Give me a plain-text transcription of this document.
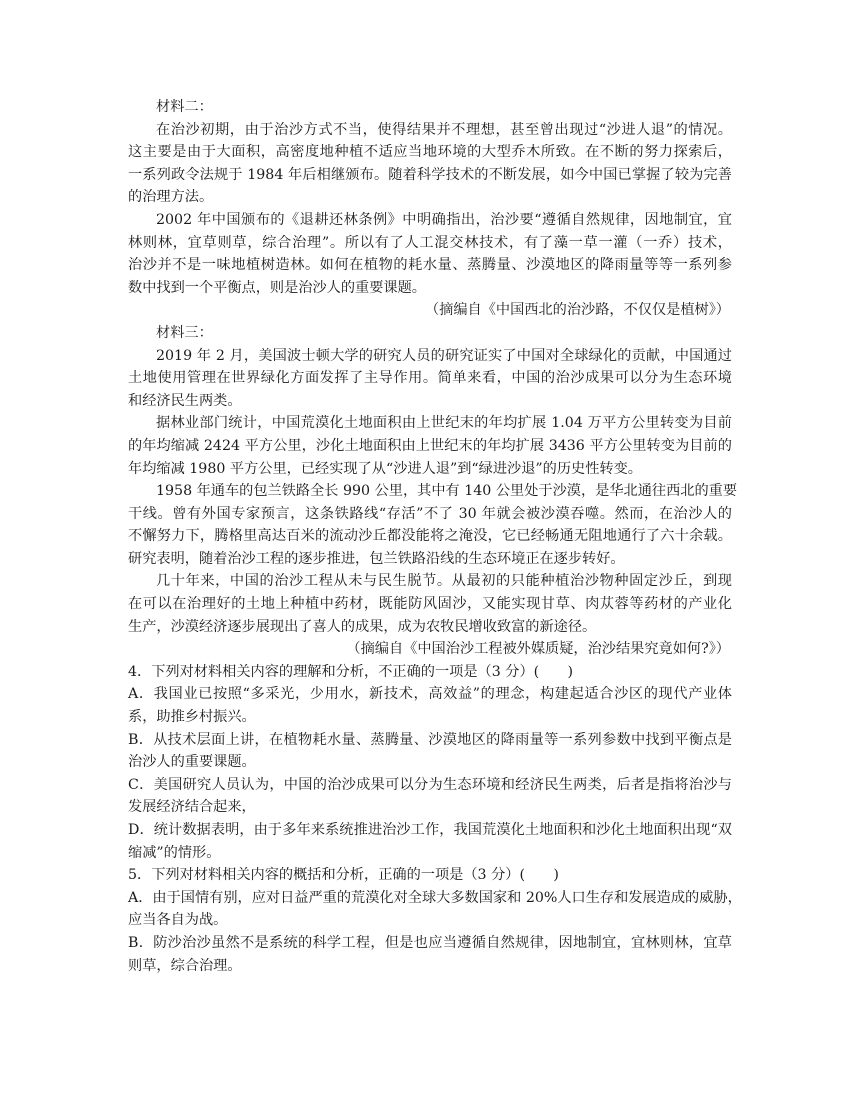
材料二：
在治沙初期，由于治沙方式不当，使得结果并不理想，甚至曾出现过“沙进人退”的情况。
这主要是由于大面积，高密度地种植不适应当地环境的大型乔木所致。在不断的努力探索后，
一系列政令法规于 1984 年后相继颁布。随着科学技术的不断发展，如今中国已掌握了较为完善
的治理方法。
2002 年中国颁布的《退耕还林条例》中明确指出，治沙要“遵循自然规律，因地制宜，宜
林则林，宜草则草，综合治理”。所以有了人工混交林技术，有了藻一草一灌（一乔）技术，
治沙并不是一味地植树造林。如何在植物的耗水量、蒸腾量、沙漠地区的降雨量等等一系列参
数中找到一个平衡点，则是治沙人的重要课题。
（摘编自《中国西北的治沙路，不仅仅是植树》）
材料三：
2019 年 2 月，美国波士顿大学的研究人员的研究证实了中国对全球绿化的贡献，中国通过
土地使用管理在世界绿化方面发挥了主导作用。简单来看，中国的治沙成果可以分为生态环境
和经济民生两类。
据林业部门统计，中国荒漠化土地面积由上世纪末的年均扩展 1.04 万平方公里转变为目前
的年均缩减 2424 平方公里，沙化土地面积由上世纪末的年均扩展 3436 平方公里转变为目前的
年均缩减 1980 平方公里，已经实现了从“沙进人退”到“绿进沙退”的历史性转变。
1958 年通车的包兰铁路全长 990 公里，其中有 140 公里处于沙漠，是华北通往西北的重要
干线。曾有外国专家预言，这条铁路线“存活”不了 30 年就会被沙漠吞噬。然而，在治沙人的
不懈努力下，腾格里高达百米的流动沙丘都没能将之淹没，它已经畅通无阻地通行了六十余载。
研究表明，随着治沙工程的逐步推进，包兰铁路沿线的生态环境正在逐步转好。
几十年来，中国的治沙工程从未与民生脱节。从最初的只能种植治沙物种固定沙丘，到现
在可以在治理好的土地上种植中药材，既能防风固沙，又能实现甘草、肉苁蓉等药材的产业化
生产，沙漠经济逐步展现出了喜人的成果，成为农牧民增收致富的新途径。
（摘编自《中国治沙工程被外媒质疑，治沙结果究竟如何?》）
4．下列对材料相关内容的理解和分析，不正确的一项是（3 分）(　　)
A．我国业已按照“多采光，少用水，新技术，高效益”的理念，构建起适合沙区的现代产业体
系，助推乡村振兴。
B．从技术层面上讲，在植物耗水量、蒸腾量、沙漠地区的降雨量等一系列参数中找到平衡点是
治沙人的重要课题。
C．美国研究人员认为，中国的治沙成果可以分为生态环境和经济民生两类，后者是指将治沙与
发展经济结合起来，
D．统计数据表明，由于多年来系统推进治沙工作，我国荒漠化土地面积和沙化土地面积出现“双
缩减”的情形。
5．下列对材料相关内容的概括和分析，正确的一项是（3 分）(　　)
A．由于国情有别，应对日益严重的荒漠化对全球大多数国家和 20%人口生存和发展造成的威胁，
应当各自为战。
B．防沙治沙虽然不是系统的科学工程，但是也应当遵循自然规律，因地制宜，宜林则林，宜草
则草，综合治理。
